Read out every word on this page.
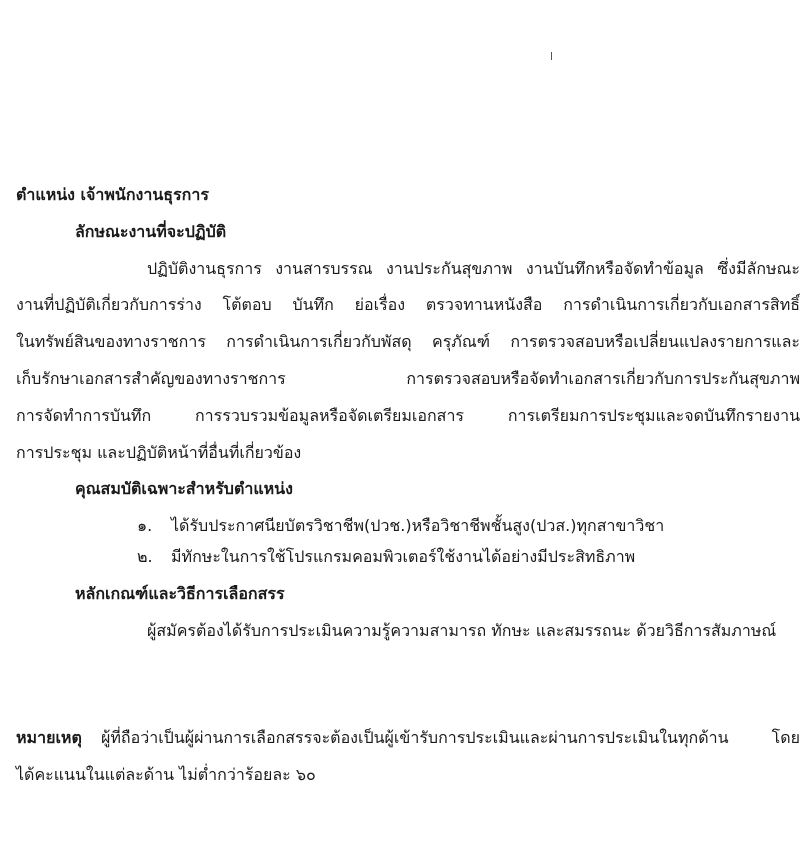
ตำแหน่ง เจ้าพนักงานธุรการ
ลักษณะงานที่จะปฏิบัติ
ปฏิบัติงานธุรการ งานสารบรรณ งานประกันสุขภาพ งานบันทึกหรือจัดทำข้อมูล ซึ่งมีลักษณะ
งานที่ปฏิบัติเกี่ยวกับการร่าง โต้ตอบ บันทึก ย่อเรื่อง ตรวจทานหนังสือ การดำเนินการเกี่ยวกับเอกสารสิทธิ์
ในทรัพย์สินของทางราชการ การดำเนินการเกี่ยวกับพัสดุ ครุภัณฑ์ การตรวจสอบหรือเปลี่ยนแปลงรายการและ
เก็บรักษาเอกสารสำคัญของทางราชการ การตรวจสอบหรือจัดทำเอกสารเกี่ยวกับการประกันสุขภาพ
การจัดทำการบันทึก การรวบรวมข้อมูลหรือจัดเตรียมเอกสาร การเตรียมการประชุมและจดบันทึกรายงาน
การประชุม และปฏิบัติหน้าที่อื่นที่เกี่ยวข้อง
คุณสมบัติเฉพาะสำหรับตำแหน่ง
๑. ได้รับประกาศนียบัตรวิชาชีพ(ปวช.)หรือวิชาชีพชั้นสูง(ปวส.)ทุกสาขาวิชา
๒. มีทักษะในการใช้โปรแกรมคอมพิวเตอร์ใช้งานได้อย่างมีประสิทธิภาพ
หลักเกณฑ์และวิธีการเลือกสรร
ผู้สมัครต้องได้รับการประเมินความรู้ความสามารถ ทักษะ และสมรรถนะ ด้วยวิธีการสัมภาษณ์
หมายเหตุ ผู้ที่ถือว่าเป็นผู้ผ่านการเลือกสรรจะต้องเป็นผู้เข้ารับการประเมินและผ่านการประเมินในทุกด้าน โดย
ได้คะแนนในแต่ละด้าน ไม่ต่ำกว่าร้อยละ ๖๐
